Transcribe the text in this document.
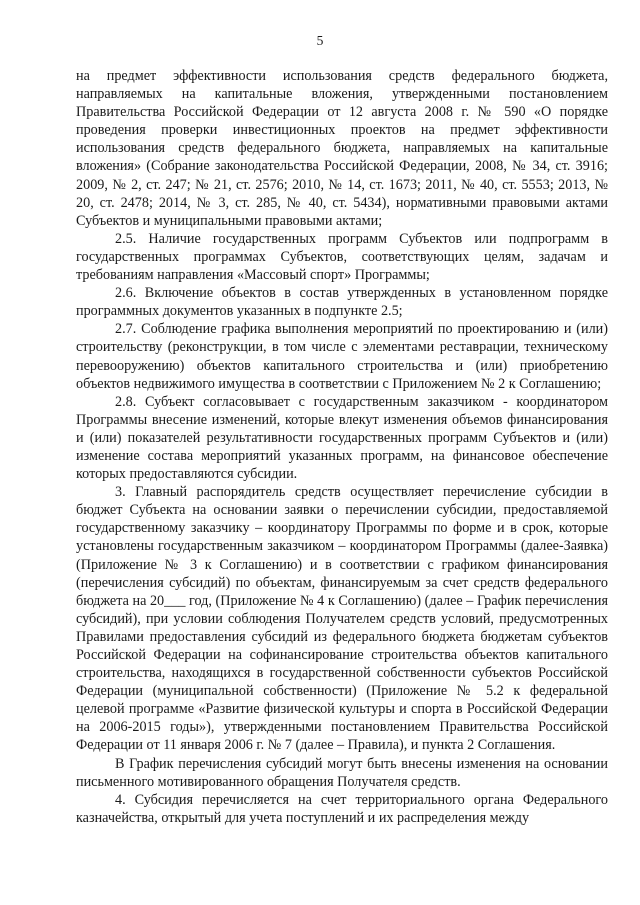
5

на предмет эффективности использования средств федерального бюджета, направляемых на капитальные вложения, утвержденными постановлением Правительства Российской Федерации от 12 августа 2008 г. № 590 «О порядке проведения проверки инвестиционных проектов на предмет эффективности использования средств федерального бюджета, направляемых на капитальные вложения» (Собрание законодательства Российской Федерации, 2008, № 34, ст. 3916; 2009, № 2, ст. 247; № 21, ст. 2576; 2010, № 14, ст. 1673; 2011, № 40, ст. 5553; 2013, № 20, ст. 2478; 2014, № 3, ст. 285, № 40, ст. 5434), нормативными правовыми актами Субъектов и муниципальными правовыми актами;

2.5. Наличие государственных программ Субъектов или подпрограмм в государственных программах Субъектов, соответствующих целям, задачам и требованиям направления «Массовый спорт» Программы;

2.6. Включение объектов в состав утвержденных в установленном порядке программных документов указанных в подпункте 2.5;

2.7. Соблюдение графика выполнения мероприятий по проектированию и (или) строительству (реконструкции, в том числе с элементами реставрации, техническому перевооружению) объектов капитального строительства и (или) приобретению объектов недвижимого имущества в соответствии с Приложением № 2 к Соглашению;

2.8. Субъект согласовывает с государственным заказчиком - координатором Программы внесение изменений, которые влекут изменения объемов финансирования и (или) показателей результативности государственных программ Субъектов и (или) изменение состава мероприятий указанных программ, на финансовое обеспечение которых предоставляются субсидии.

3. Главный распорядитель средств осуществляет перечисление субсидии в бюджет Субъекта на основании заявки о перечислении субсидии, предоставляемой государственному заказчику – координатору Программы по форме и в срок, которые установлены государственным заказчиком – координатором Программы (далее-Заявка) (Приложение № 3 к Соглашению) и в соответствии с графиком финансирования (перечисления субсидий) по объектам, финансируемым за счет средств федерального бюджета на 20___ год, (Приложение № 4 к Соглашению) (далее – График перечисления субсидий), при условии соблюдения Получателем средств условий, предусмотренных Правилами предоставления субсидий из федерального бюджета бюджетам субъектов Российской Федерации на софинансирование строительства объектов капитального строительства, находящихся в государственной собственности субъектов Российской Федерации (муниципальной собственности) (Приложение № 5.2 к федеральной целевой программе «Развитие физической культуры и спорта в Российской Федерации на 2006-2015 годы»), утвержденными постановлением Правительства Российской Федерации от 11 января 2006 г. № 7 (далее – Правила), и пункта 2 Соглашения.

В График перечисления субсидий могут быть внесены изменения на основании письменного мотивированного обращения Получателя средств.

4. Субсидия перечисляется на счет территориального органа Федерального казначейства, открытый для учета поступлений и их распределения между
